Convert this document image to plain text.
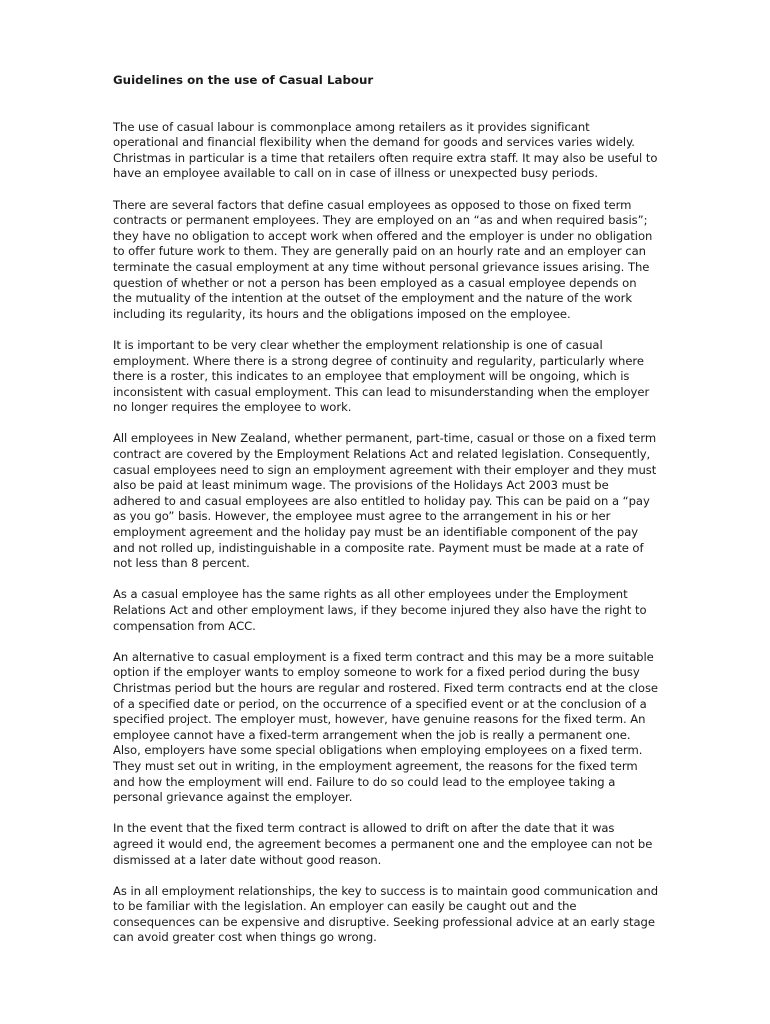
Guidelines on the use of Casual Labour

The use of casual labour is commonplace among retailers as it provides significant operational and financial flexibility when the demand for goods and services varies widely. Christmas in particular is a time that retailers often require extra staff. It may also be useful to have an employee available to call on in case of illness or unexpected busy periods.

There are several factors that define casual employees as opposed to those on fixed term contracts or permanent employees. They are employed on an “as and when required basis”; they have no obligation to accept work when offered and the employer is under no obligation to offer future work to them. They are generally paid on an hourly rate and an employer can terminate the casual employment at any time without personal grievance issues arising. The question of whether or not a person has been employed as a casual employee depends on the mutuality of the intention at the outset of the employment and the nature of the work including its regularity, its hours and the obligations imposed on the employee.

It is important to be very clear whether the employment relationship is one of casual employment. Where there is a strong degree of continuity and regularity, particularly where there is a roster, this indicates to an employee that employment will be ongoing, which is inconsistent with casual employment. This can lead to misunderstanding when the employer no longer requires the employee to work.

All employees in New Zealand, whether permanent, part-time, casual or those on a fixed term contract are covered by the Employment Relations Act and related legislation. Consequently, casual employees need to sign an employment agreement with their employer and they must also be paid at least minimum wage. The provisions of the Holidays Act 2003 must be adhered to and casual employees are also entitled to holiday pay. This can be paid on a “pay as you go” basis. However, the employee must agree to the arrangement in his or her employment agreement and the holiday pay must be an identifiable component of the pay and not rolled up, indistinguishable in a composite rate. Payment must be made at a rate of not less than 8 percent.

As a casual employee has the same rights as all other employees under the Employment Relations Act and other employment laws, if they become injured they also have the right to compensation from ACC.

An alternative to casual employment is a fixed term contract and this may be a more suitable option if the employer wants to employ someone to work for a fixed period during the busy Christmas period but the hours are regular and rostered. Fixed term contracts end at the close of a specified date or period, on the occurrence of a specified event or at the conclusion of a specified project. The employer must, however, have genuine reasons for the fixed term. An employee cannot have a fixed-term arrangement when the job is really a permanent one. Also, employers have some special obligations when employing employees on a fixed term. They must set out in writing, in the employment agreement, the reasons for the fixed term and how the employment will end. Failure to do so could lead to the employee taking a personal grievance against the employer.

In the event that the fixed term contract is allowed to drift on after the date that it was agreed it would end, the agreement becomes a permanent one and the employee can not be dismissed at a later date without good reason.

As in all employment relationships, the key to success is to maintain good communication and to be familiar with the legislation. An employer can easily be caught out and the consequences can be expensive and disruptive. Seeking professional advice at an early stage can avoid greater cost when things go wrong.
